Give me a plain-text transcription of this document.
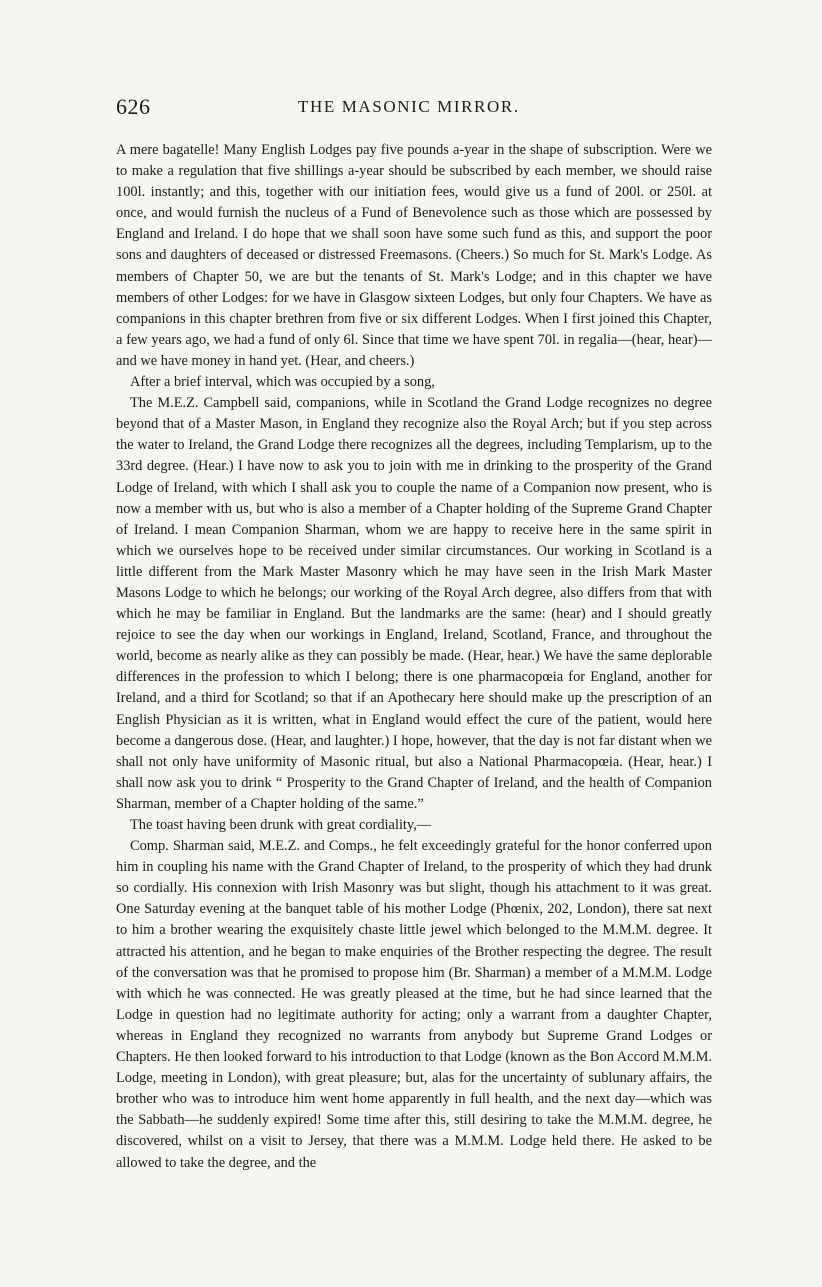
626	THE MASONIC MIRROR.

A mere bagatelle! Many English Lodges pay five pounds a-year in the shape of subscription. Were we to make a regulation that five shillings a-year should be subscribed by each member, we should raise 100l. instantly; and this, together with our initiation fees, would give us a fund of 200l. or 250l. at once, and would furnish the nucleus of a Fund of Benevolence such as those which are possessed by England and Ireland. I do hope that we shall soon have some such fund as this, and support the poor sons and daughters of deceased or distressed Freemasons. (Cheers.) So much for St. Mark's Lodge. As members of Chapter 50, we are but the tenants of St. Mark's Lodge; and in this chapter we have members of other Lodges: for we have in Glasgow sixteen Lodges, but only four Chapters. We have as companions in this chapter brethren from five or six different Lodges. When I first joined this Chapter, a few years ago, we had a fund of only 6l. Since that time we have spent 70l. in regalia—(hear, hear)—and we have money in hand yet. (Hear, and cheers.)

After a brief interval, which was occupied by a song,

The M.E.Z. Campbell said, companions, while in Scotland the Grand Lodge recognizes no degree beyond that of a Master Mason, in England they recognize also the Royal Arch; but if you step across the water to Ireland, the Grand Lodge there recognizes all the degrees, including Templarism, up to the 33rd degree. (Hear.) I have now to ask you to join with me in drinking to the prosperity of the Grand Lodge of Ireland, with which I shall ask you to couple the name of a Companion now present, who is now a member with us, but who is also a member of a Chapter holding of the Supreme Grand Chapter of Ireland. I mean Companion Sharman, whom we are happy to receive here in the same spirit in which we ourselves hope to be received under similar circumstances. Our working in Scotland is a little different from the Mark Master Masonry which he may have seen in the Irish Mark Master Masons Lodge to which he belongs; our working of the Royal Arch degree, also differs from that with which he may be familiar in England. But the landmarks are the same: (hear) and I should greatly rejoice to see the day when our workings in England, Ireland, Scotland, France, and throughout the world, become as nearly alike as they can possibly be made. (Hear, hear.) We have the same deplorable differences in the profession to which I belong; there is one pharmacopœia for England, another for Ireland, and a third for Scotland; so that if an Apothecary here should make up the prescription of an English Physician as it is written, what in England would effect the cure of the patient, would here become a dangerous dose. (Hear, and laughter.) I hope, however, that the day is not far distant when we shall not only have uniformity of Masonic ritual, but also a National Pharmacopœia. (Hear, hear.) I shall now ask you to drink “ Prosperity to the Grand Chapter of Ireland, and the health of Companion Sharman, member of a Chapter holding of the same.”

The toast having been drunk with great cordiality,—

Comp. Sharman said, M.E.Z. and Comps., he felt exceedingly grateful for the honor conferred upon him in coupling his name with the Grand Chapter of Ireland, to the prosperity of which they had drunk so cordially. His connexion with Irish Masonry was but slight, though his attachment to it was great. One Saturday evening at the banquet table of his mother Lodge (Phœnix, 202, London), there sat next to him a brother wearing the exquisitely chaste little jewel which belonged to the M.M.M. degree. It attracted his attention, and he began to make enquiries of the Brother respecting the degree. The result of the conversation was that he promised to propose him (Br. Sharman) a member of a M.M.M. Lodge with which he was connected. He was greatly pleased at the time, but he had since learned that the Lodge in question had no legitimate authority for acting; only a warrant from a daughter Chapter, whereas in England they recognized no warrants from anybody but Supreme Grand Lodges or Chapters. He then looked forward to his introduction to that Lodge (known as the Bon Accord M.M.M. Lodge, meeting in London), with great pleasure; but, alas for the uncertainty of sublunary affairs, the brother who was to introduce him went home apparently in full health, and the next day—which was the Sabbath—he suddenly expired! Some time after this, still desiring to take the M.M.M. degree, he discovered, whilst on a visit to Jersey, that there was a M.M.M. Lodge held there. He asked to be allowed to take the degree, and the
